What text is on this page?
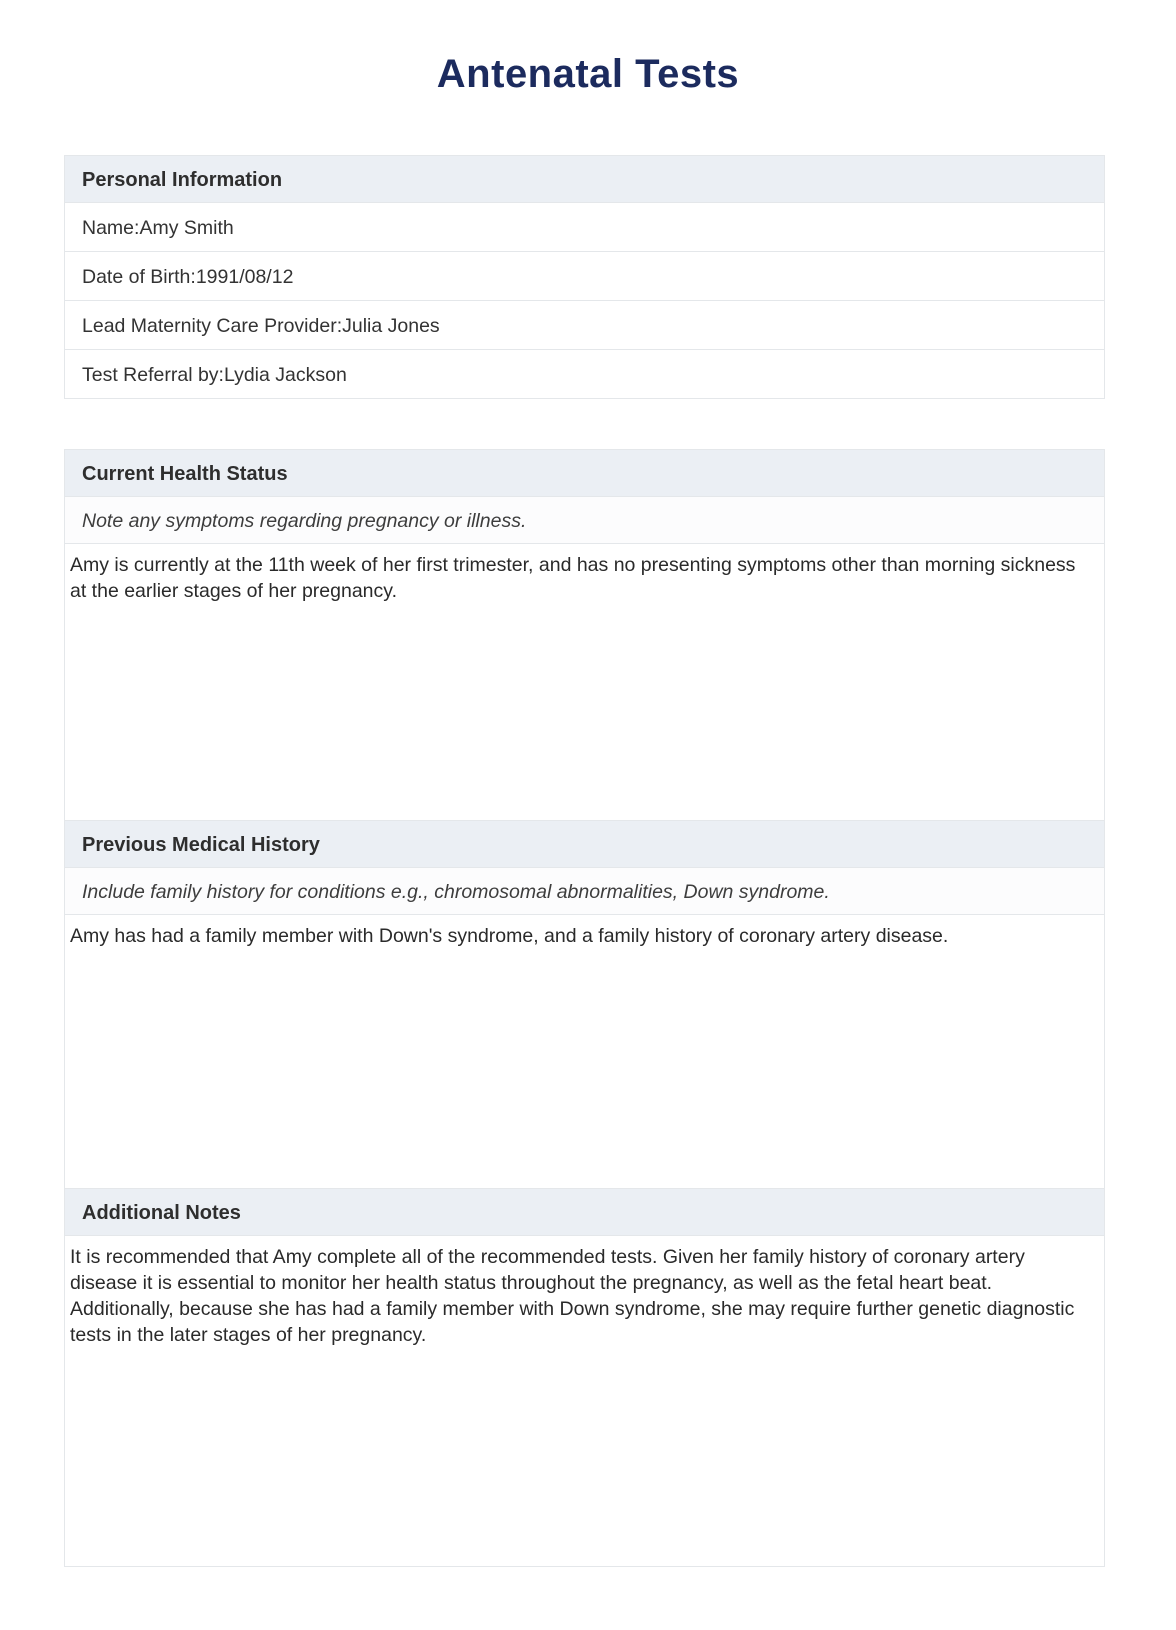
Antenatal Tests
Personal Information
Name:Amy Smith
Date of Birth:1991/08/12
Lead Maternity Care Provider:Julia Jones
Test Referral by:Lydia Jackson
Current Health Status
Note any symptoms regarding pregnancy or illness.
Amy is currently at the 11th week of her first trimester, and has no presenting symptoms other than morning sickness at the earlier stages of her pregnancy.
Previous Medical History
Include family history for conditions e.g., chromosomal abnormalities, Down syndrome.
Amy has had a family member with Down's syndrome, and a family history of coronary artery disease.
Additional Notes
It is recommended that Amy complete all of the recommended tests. Given her family history of coronary artery disease it is essential to monitor her health status throughout the pregnancy, as well as the fetal heart beat. Additionally, because she has had a family member with Down syndrome, she may require further genetic diagnostic tests in the later stages of her pregnancy.
